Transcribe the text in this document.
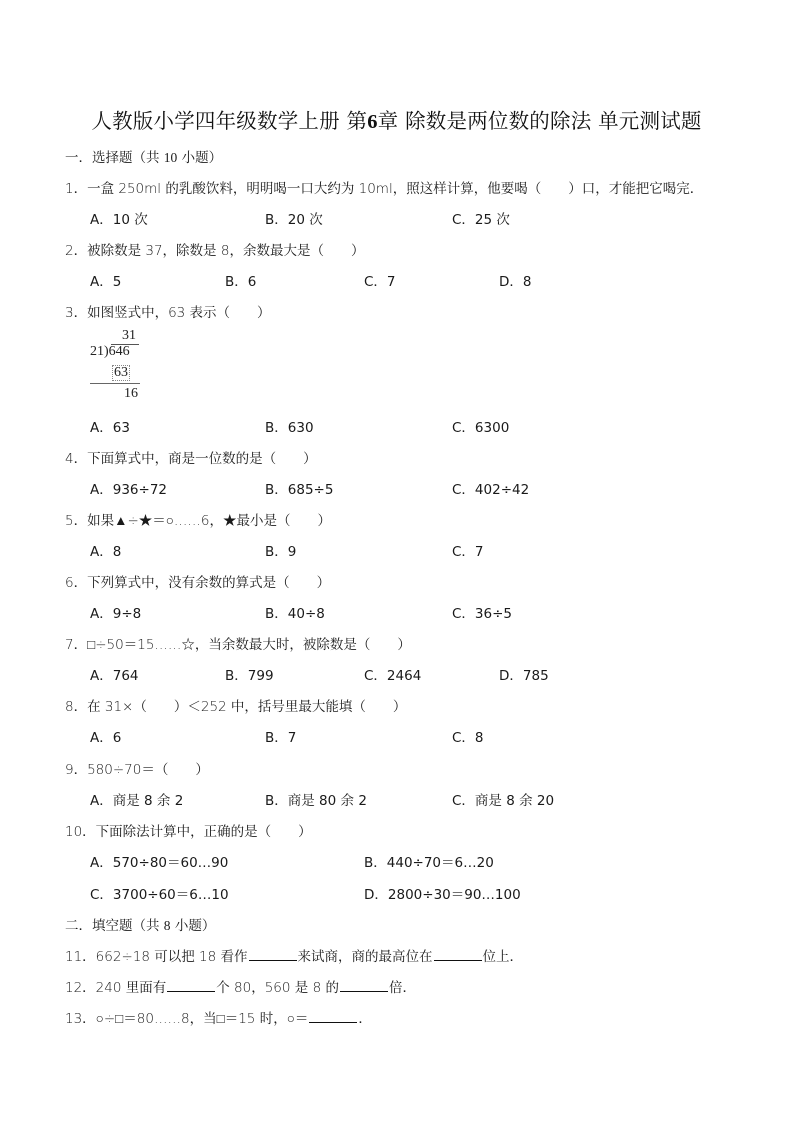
人教版小学四年级数学上册 第6章 除数是两位数的除法 单元测试题
一．选择题（共 10 小题）
1．一盒 250ml 的乳酸饮料，明明喝一口大约为 10ml，照这样计算，他要喝（　　）口，才能把它喝完．
A．10 次	B．20 次	C．25 次
2．被除数是 37，除数是 8，余数最大是（　　）
A．5	B．6	C．7	D．8
3．如图竖式中，63 表示（　　）
31
21)646
63
16
A．63	B．630	C．6300
4．下面算式中，商是一位数的是（　　）
A．936÷72	B．685÷5	C．402÷42
5．如果▲÷★＝○……6，★最小是（　　）
A．8	B．9	C．7
6．下列算式中，没有余数的算式是（　　）
A．9÷8	B．40÷8	C．36÷5
7．□÷50＝15……☆，当余数最大时，被除数是（　　）
A．764	B．799	C．2464	D．785
8．在 31×（　　）＜252 中，括号里最大能填（　　）
A．6	B．7	C．8
9．580÷70＝（　　）
A．商是 8 余 2	B．商是 80 余 2	C．商是 8 余 20
10．下面除法计算中，正确的是（　　）
A．570÷80＝60…90	B．440÷70＝6…20
C．3700÷60＝6…10	D．2800÷30＝90…100
二．填空题（共 8 小题）
11．662÷18 可以把 18 看作	来试商，商的最高位在	位上．
12．240 里面有	个 80，560 是 8 的	倍．
13．○÷□＝80……8，当□＝15 时，○＝	．
